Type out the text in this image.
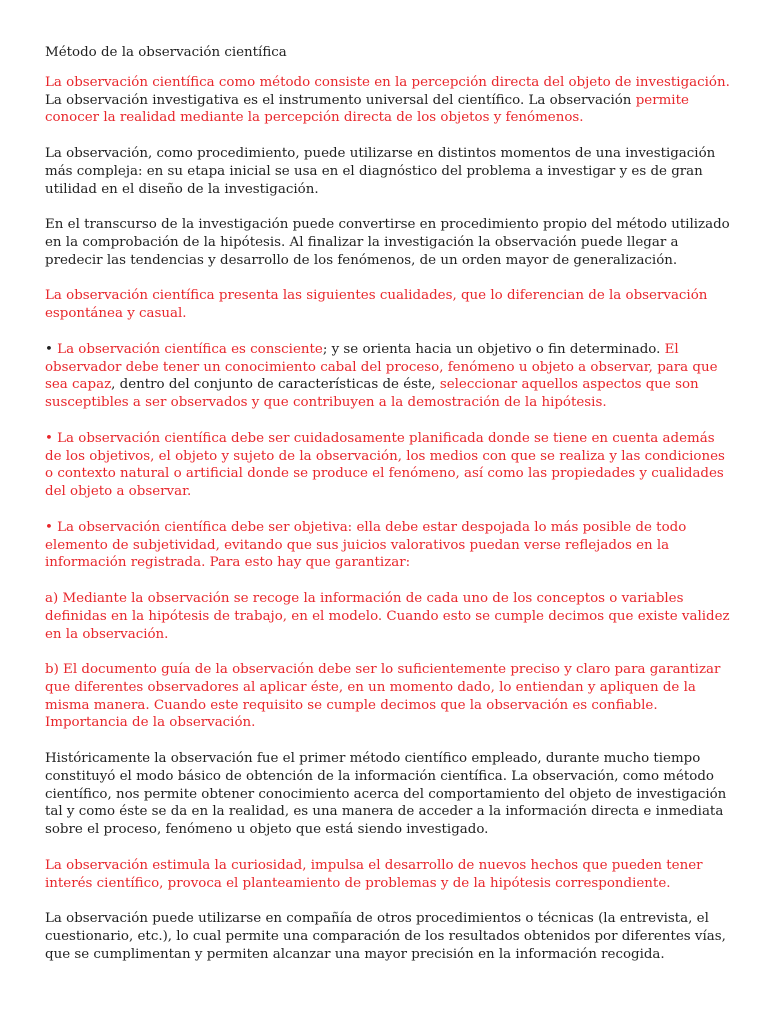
Método de la observación científica

La observación científica como método consiste en la percepción directa del objeto de investigación. La observación investigativa es el instrumento universal del científico. La observación permite conocer la realidad mediante la percepción directa de los objetos y fenómenos.

La observación, como procedimiento, puede utilizarse en distintos momentos de una investigación más compleja: en su etapa inicial se usa en el diagnóstico del problema a investigar y es de gran utilidad en el diseño de la investigación.

En el transcurso de la investigación puede convertirse en procedimiento propio del método utilizado en la comprobación de la hipótesis. Al finalizar la investigación la observación puede llegar a predecir las tendencias y desarrollo de los fenómenos, de un orden mayor de generalización.

La observación científica presenta las siguientes cualidades, que lo diferencian de la observación espontánea y casual.

• La observación científica es consciente; y se orienta hacia un objetivo o fin determinado. El observador debe tener un conocimiento cabal del proceso, fenómeno u objeto a observar, para que sea capaz, dentro del conjunto de características de éste, seleccionar aquellos aspectos que son susceptibles a ser observados y que contribuyen a la demostración de la hipótesis.

• La observación científica debe ser cuidadosamente planificada donde se tiene en cuenta además de los objetivos, el objeto y sujeto de la observación, los medios con que se realiza y las condiciones o contexto natural o artificial donde se produce el fenómeno, así como las propiedades y cualidades del objeto a observar.

• La observación científica debe ser objetiva: ella debe estar despojada lo más posible de todo elemento de subjetividad, evitando que sus juicios valorativos puedan verse reflejados en la información registrada. Para esto hay que garantizar:

a) Mediante la observación se recoge la información de cada uno de los conceptos o variables definidas en la hipótesis de trabajo, en el modelo. Cuando esto se cumple decimos que existe validez en la observación.

b) El documento guía de la observación debe ser lo suficientemente preciso y claro para garantizar que diferentes observadores al aplicar éste, en un momento dado, lo entiendan y apliquen de la misma manera. Cuando este requisito se cumple decimos que la observación es confiable. Importancia de la observación.

Históricamente la observación fue el primer método científico empleado, durante mucho tiempo constituyó el modo básico de obtención de la información científica. La observación, como método científico, nos permite obtener conocimiento acerca del comportamiento del objeto de investigación tal y como éste se da en la realidad, es una manera de acceder a la información directa e inmediata sobre el proceso, fenómeno u objeto que está siendo investigado.

La observación estimula la curiosidad, impulsa el desarrollo de nuevos hechos que pueden tener interés científico, provoca el planteamiento de problemas y de la hipótesis correspondiente.

La observación puede utilizarse en compañía de otros procedimientos o técnicas (la entrevista, el cuestionario, etc.), lo cual permite una comparación de los resultados obtenidos por diferentes vías, que se cumplimentan y permiten alcanzar una mayor precisión en la información recogida.
